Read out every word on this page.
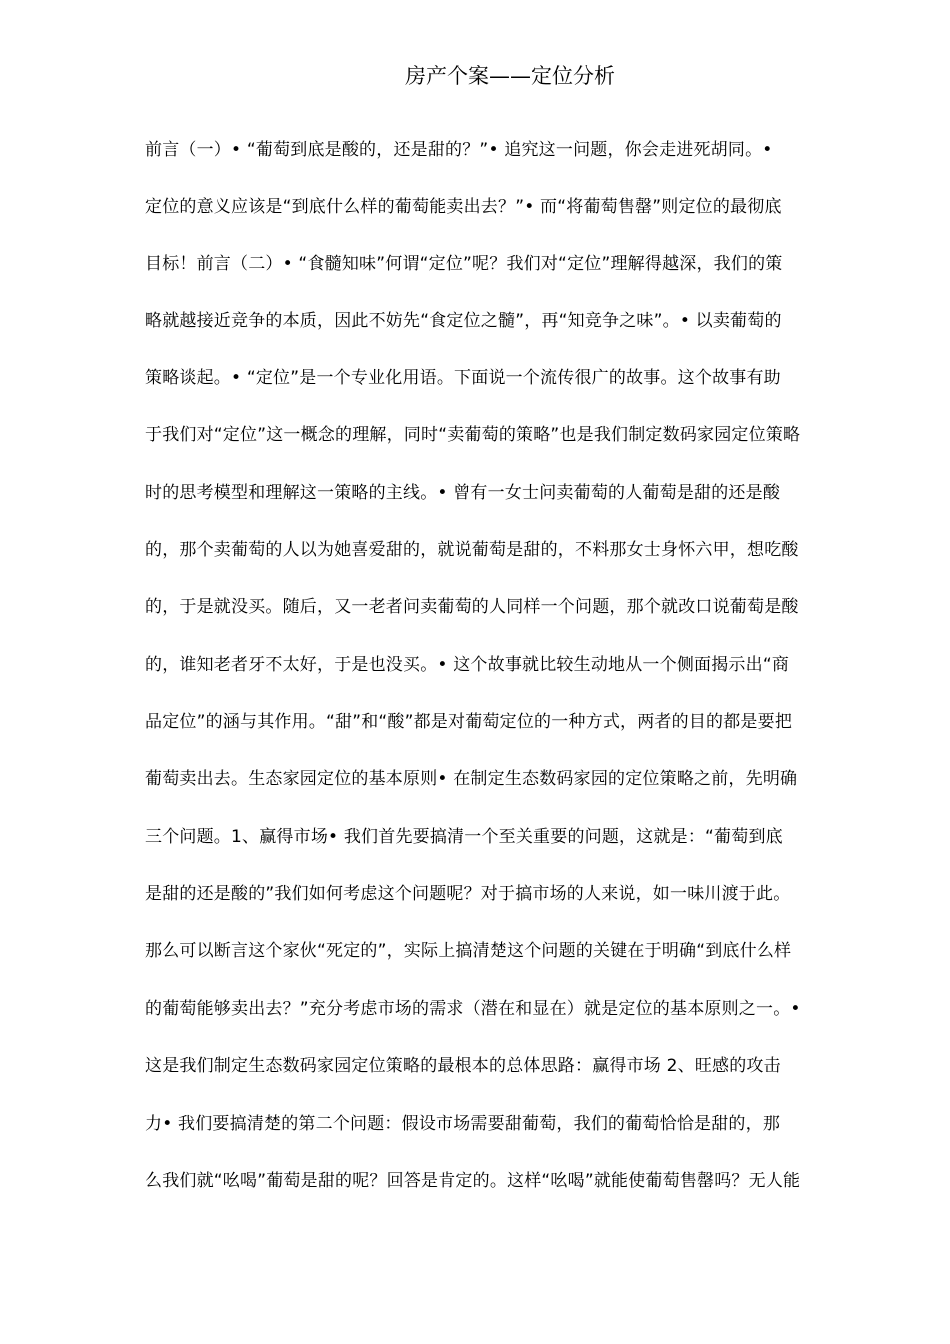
房产个案——定位分析
前言（一）• “葡萄到底是酸的，还是甜的？”• 追究这一问题，你会走进死胡同。•
定位的意义应该是“到底什么样的葡萄能卖出去？”• 而“将葡萄售罄”则定位的最彻底
目标！前言（二）• “食髓知味”何谓“定位”呢？我们对“定位”理解得越深，我们的策
略就越接近竞争的本质，因此不妨先“食定位之髓”，再“知竞争之味”。• 以卖葡萄的
策略谈起。• “定位”是一个专业化用语。下面说一个流传很广的故事。这个故事有助
于我们对“定位”这一概念的理解，同时“卖葡萄的策略”也是我们制定数码家园定位策略
时的思考模型和理解这一策略的主线。• 曾有一女士问卖葡萄的人葡萄是甜的还是酸
的，那个卖葡萄的人以为她喜爱甜的，就说葡萄是甜的，不料那女士身怀六甲，想吃酸
的，于是就没买。随后，又一老者问卖葡萄的人同样一个问题，那个就改口说葡萄是酸
的，谁知老者牙不太好，于是也没买。• 这个故事就比较生动地从一个侧面揭示出“商
品定位”的涵与其作用。“甜”和“酸”都是对葡萄定位的一种方式，两者的目的都是要把
葡萄卖出去。生态家园定位的基本原则• 在制定生态数码家园的定位策略之前，先明确
三个问题。1、赢得市场• 我们首先要搞清一个至关重要的问题，这就是：“葡萄到底
是甜的还是酸的”我们如何考虑这个问题呢？对于搞市场的人来说，如一味川渡于此。
那么可以断言这个家伙“死定的”，实际上搞清楚这个问题的关键在于明确“到底什么样
的葡萄能够卖出去？”充分考虑市场的需求（潜在和显在）就是定位的基本原则之一。•
这是我们制定生态数码家园定位策略的最根本的总体思路：赢得市场 2、旺感的攻击
力• 我们要搞清楚的第二个问题：假设市场需要甜葡萄，我们的葡萄恰恰是甜的，那
么我们就“吆喝”葡萄是甜的呢？回答是肯定的。这样“吆喝”就能使葡萄售罄吗？无人能
